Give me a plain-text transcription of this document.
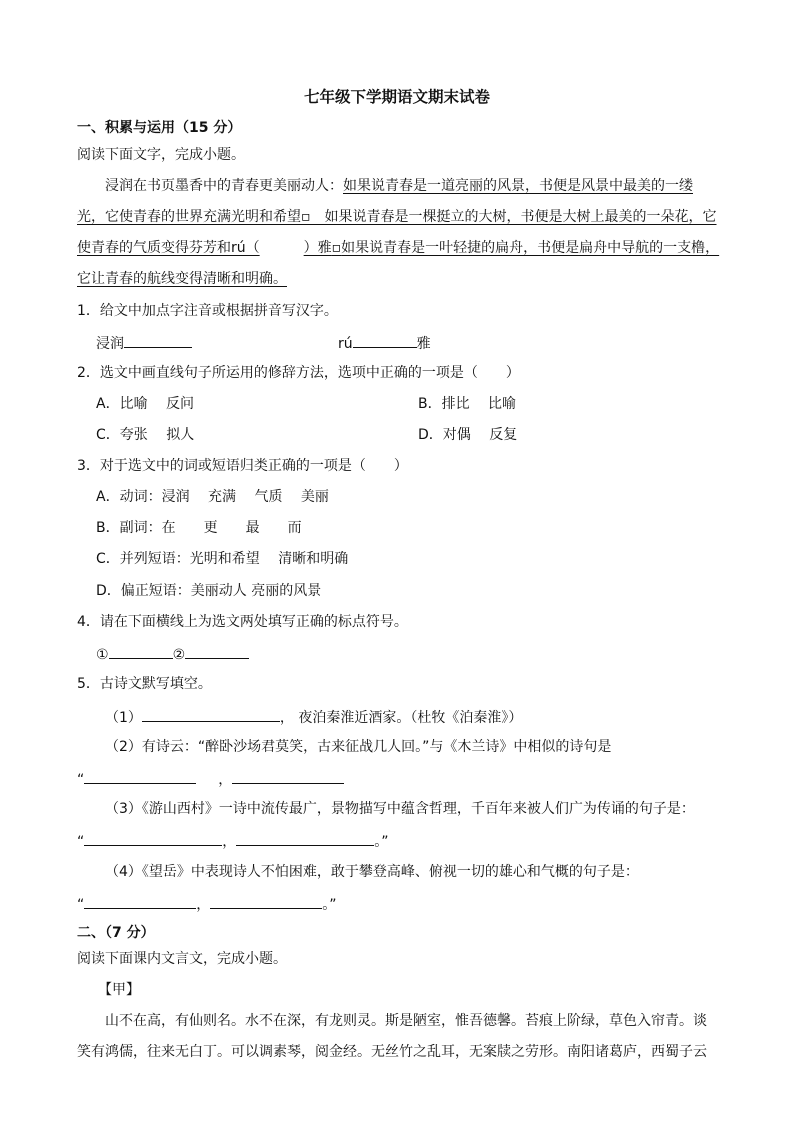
七年级下学期语文期末试卷
一、积累与运用（15 分）
阅读下面文字，完成小题。
浸润在书页墨香中的青春更美丽动人：如果说青春是一道亮丽的风景，书便是风景中最美的一缕
光，它使青春的世界充满光明和希望▫　如果说青春是一棵挺立的大树，书便是大树上最美的一朵花，它
使青春的气质变得芬芳和rú（	）雅▫如果说青春是一叶轻捷的扁舟，书便是扁舟中导航的一支橹，
它让青春的航线变得清晰和明确。
1．给文中加点字注音或根据拼音写汉字。
浸润	rú	雅
2．选文中画直线句子所运用的修辞方法，选项中正确的一项是（　　）
A．比喻　 反问	B．排比　 比喻
C．夸张　 拟人	D．对偶　 反复
3．对于选文中的词或短语归类正确的一项是（　　）
A．动词：浸润　 充满　 气质　 美丽
B．副词：在　　更　　最　　而
C．并列短语：光明和希望　 清晰和明确
D．偏正短语：美丽动人 亮丽的风景
4．请在下面横线上为选文两处填写正确的标点符号。
①	②
5．古诗文默写填空。
（1）	， 夜泊秦淮近酒家。（杜牧《泊秦淮》）
（2）有诗云：“醉卧沙场君莫笑，古来征战几人回。”与《木兰诗》中相似的诗句是
“	，
（3）《游山西村》一诗中流传最广，景物描写中蕴含哲理，千百年来被人们广为传诵的句子是：
“	，	。”
（4）《望岳》中表现诗人不怕困难，敢于攀登高峰、俯视一切的雄心和气概的句子是：
“	，	。”
二、（7 分）
阅读下面课内文言文，完成小题。
【甲】
山不在高，有仙则名。水不在深，有龙则灵。斯是陋室，惟吾德馨。苔痕上阶绿，草色入帘青。谈
笑有鸿儒，往来无白丁。可以调素琴，阅金经。无丝竹之乱耳，无案牍之劳形。南阳诸葛庐，西蜀子云
